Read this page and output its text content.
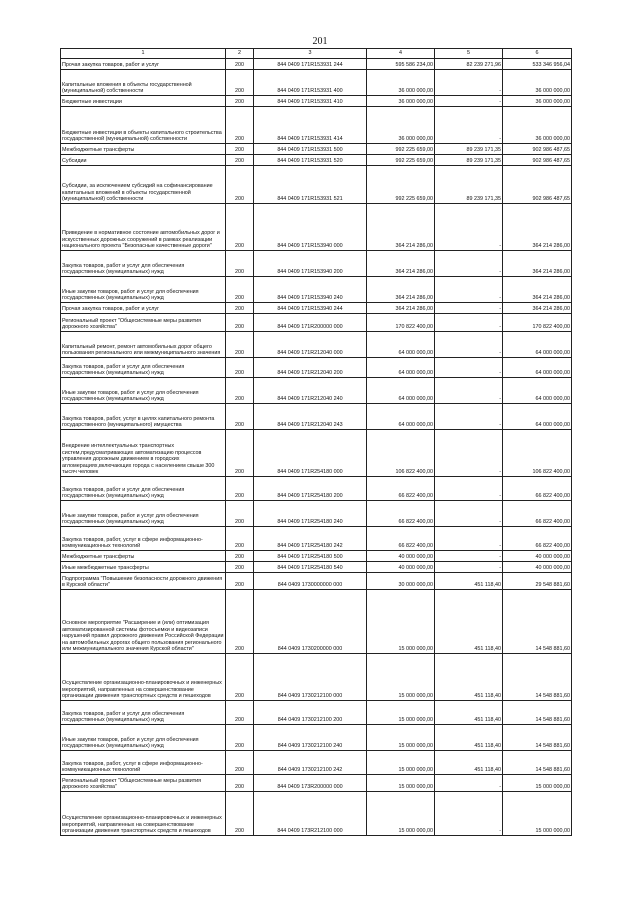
201
1	2	3	4	5	6

Прочая закупка товаров, работ и услуг	200	844 0409 171R153931 244	595 586 234,00	82 239 271,96	533 346 956,04

Капитальные вложения в объекты государственной (муниципальной) собственности	200	844 0409 171R153931 400	36 000 000,00	-	36 000 000,00

Бюджетные инвестиции	200	844 0409 171R153931 410	36 000 000,00	-	36 000 000,00

Бюджетные инвестиции в объекты капитального строительства государственной (муниципальной) собственности	200	844 0409 171R153931 414	36 000 000,00	-	36 000 000,00

Межбюджетные трансферты	200	844 0409 171R153931 500	992 225 659,00	89 239 171,35	902 986 487,65

Субсидии	200	844 0409 171R153931 520	992 225 659,00	89 239 171,35	902 986 487,65

Субсидии, за исключением субсидий на софинансирование капитальных вложений в объекты государственной (муниципальной) собственности	200	844 0409 171R153931 521	992 225 659,00	89 239 171,35	902 986 487,65

Приведение в нормативное состояние автомобильных дорог и искусственных дорожных сооружений в рамках реализации национального проекта "Безопасные качественные дороги"	200	844 0409 171R153940 000	364 214 286,00	-	364 214 286,00

Закупка товаров, работ и услуг для обеспечения государственных (муниципальных) нужд	200	844 0409 171R153940 200	364 214 286,00	-	364 214 286,00

Иные закупки товаров, работ и услуг для обеспечения государственных (муниципальных) нужд	200	844 0409 171R153940 240	364 214 286,00	-	364 214 286,00

Прочая закупка товаров, работ и услуг	200	844 0409 171R153940 244	364 214 286,00	-	364 214 286,00

Региональный проект "Общесистемные меры развития дорожного хозяйства"	200	844 0409 171R200000 000	170 822 400,00	-	170 822 400,00

Капитальный ремонт, ремонт автомобильных дорог общего пользования регионального или межмуниципального значения	200	844 0409 171R212040 000	64 000 000,00	-	64 000 000,00

Закупка товаров, работ и услуг для обеспечения государственных (муниципальных) нужд	200	844 0409 171R212040 200	64 000 000,00	-	64 000 000,00

Иные закупки товаров, работ и услуг для обеспечения государственных (муниципальных) нужд	200	844 0409 171R212040 240	64 000 000,00	-	64 000 000,00

Закупка товаров, работ, услуг в целях капитального ремонта государственного (муниципального) имущества	200	844 0409 171R212040 243	64 000 000,00	-	64 000 000,00

Внедрение интеллектуальных транспортных систем,предусматривающих автоматизацию процессов управления дорожным движением в городских агломерациях,включающих города с населением свыше 300 тысяч человек	200	844 0409 171R254180 000	106 822 400,00	-	106 822 400,00

Закупка товаров, работ и услуг для обеспечения государственных (муниципальных) нужд	200	844 0409 171R254180 200	66 822 400,00	-	66 822 400,00

Иные закупки товаров, работ и услуг для обеспечения государственных (муниципальных) нужд	200	844 0409 171R254180 240	66 822 400,00	-	66 822 400,00

Закупка товаров, работ, услуг в сфере информационно-коммуникационных технологий	200	844 0409 171R254180 242	66 822 400,00	-	66 822 400,00

Межбюджетные трансферты	200	844 0409 171R254180 500	40 000 000,00	-	40 000 000,00

Иные межбюджетные трансферты	200	844 0409 171R254180 540	40 000 000,00	-	40 000 000,00

Подпрограмма "Повышение безопасности дорожного движения в Курской области"	200	844 0409 1730000000 000	30 000 000,00	451 118,40	29 548 881,60

Основное мероприятие "Расширение и (или) оптимизация автоматизированной системы фотосъемки и видеозаписи нарушений правил дорожного движения Российской Федерации на автомобильных дорогах общего пользования регионального или межмуниципального значения Курской области"	200	844 0409 1730200000 000	15 000 000,00	451 118,40	14 548 881,60

Осуществление организационно-планировочных и инженерных мероприятий, направленных на совершенствование организации движения транспортных средств и пешеходов	200	844 0409 1730212100 000	15 000 000,00	451 118,40	14 548 881,60

Закупка товаров, работ и услуг для обеспечения государственных (муниципальных) нужд	200	844 0409 1730212100 200	15 000 000,00	451 118,40	14 548 881,60

Иные закупки товаров, работ и услуг для обеспечения государственных (муниципальных) нужд	200	844 0409 1730212100 240	15 000 000,00	451 118,40	14 548 881,60

Закупка товаров, работ, услуг в сфере информационно-коммуникационных технологий	200	844 0409 1730212100 242	15 000 000,00	451 118,40	14 548 881,60

Региональный проект "Общесистемные меры развития дорожного хозяйства"	200	844 0409 173R200000 000	15 000 000,00	-	15 000 000,00

Осуществление организационно-планировочных и инженерных мероприятий, направленных на совершенствование организации движения транспортных средств и пешеходов	200	844 0409 173R212100 000	15 000 000,00	-	15 000 000,00
